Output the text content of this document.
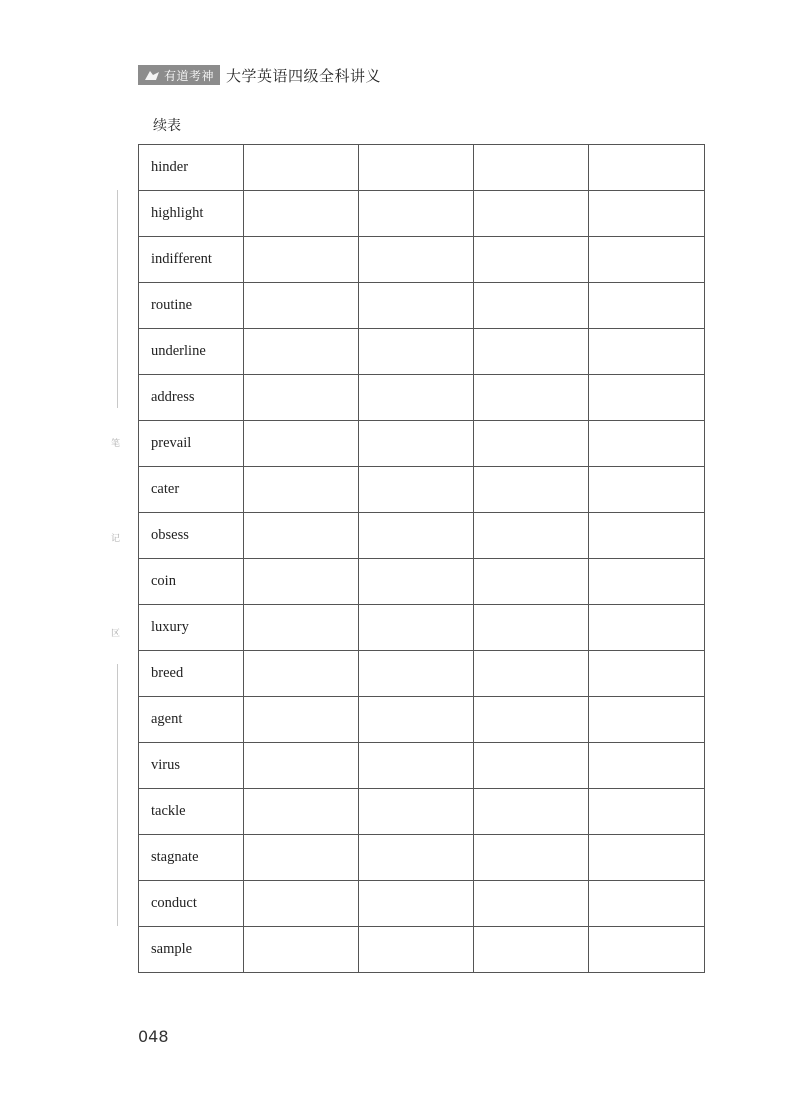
有道考神 大学英语四级全科讲义
续表
笔
记
区
hinder				
highlight				
indifferent				
routine				
underline				
address				
prevail				
cater				
obsess				
coin				
luxury				
breed				
agent				
virus				
tackle				
stagnate				
conduct				
sample				
048
